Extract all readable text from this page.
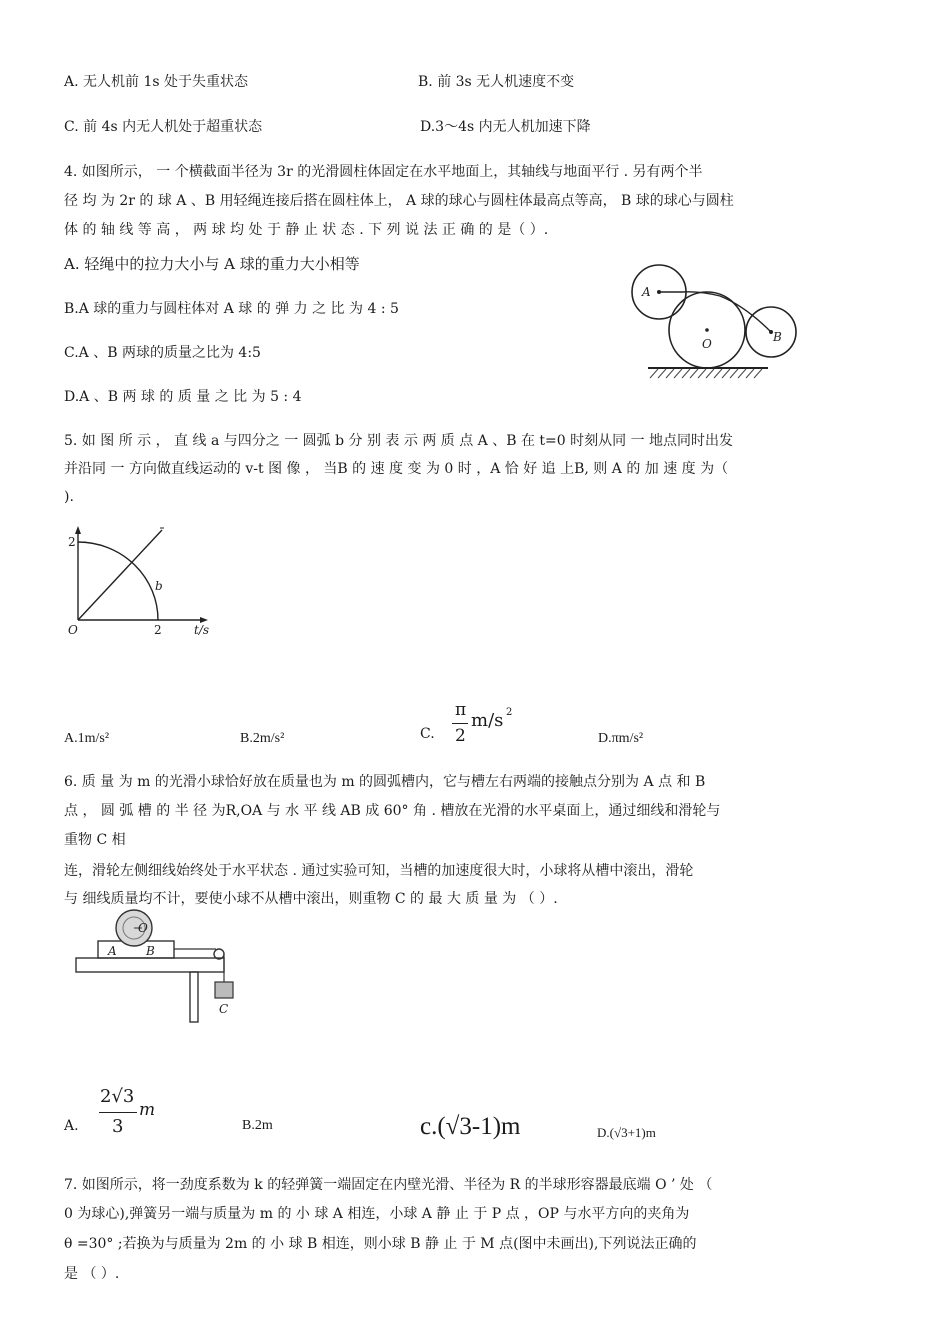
A. 无人机前 1s 处于失重状态	B. 前 3s 无人机速度不变
C. 前 4s 内无人机处于超重状态	D.3～4s 内无人机加速下降
4. 如图所示， 一 个横截面半径为 3r 的光滑圆柱体固定在水平地面上，其轴线与地面平行 . 另有两个半
径 均 为 2r 的 球 A 、B 用轻绳连接后搭在圆柱体上， A 球的球心与圆柱体最高点等高， B 球的球心与圆柱
体 的 轴 线 等 高 ， 两 球 均 处 于 静 止 状 态 . 下 列 说 法 正 确 的 是（ ）.
A. 轻绳中的拉力大小与 A 球的重力大小相等
B.A 球的重力与圆柱体对 A 球 的 弹 力 之 比 为 4 : 5
C.A 、B 两球的质量之比为 4:5
D.A 、B 两 球 的 质 量 之 比 为 5 : 4
A
O	B
5. 如 图 所 示 ， 直 线 a 与四分之 一 圆弧 b 分 别 表 示 两 质 点 A 、B 在 t=0 时刻从同 一 地点同时出发
并沿同 一 方向做直线运动的 v-t 图 像 ， 当B 的 速 度 变 为 0 时 ，A 恰 好 追 上B, 则 A 的 加 速 度 为（
).
2
O	2	t/s
b
A.1m/s²	B.2m/s²	C.
π
2
m/s 2
D.πm/s²
6. 质 量 为 m 的光滑小球恰好放在质量也为 m 的圆弧槽内，它与槽左右两端的接触点分别为 A 点 和 B
点 ， 圆 弧 槽 的 半 径 为R,OA 与 水 平 线 AB 成 60° 角 . 槽放在光滑的水平桌面上，通过细线和滑轮与
重物 C 相
连，滑轮左侧细线始终处于水平状态 . 通过实验可知，当槽的加速度很大时，小球将从槽中滚出，滑轮
与 细线质量均不计，要使小球不从槽中滚出，则重物 C 的 最 大 质 量 为 （ ）.
O
A B
C
A.
2√3
3
m
B.2m	c.(√3-1)m	D.(√3+1)m
7. 如图所示，将一劲度系数为 k 的轻弹簧一端固定在内壁光滑、半径为 R 的半球形容器最底端 O ’ 处 （
0 为球心),弹簧另一端与质量为 m 的 小 球 A 相连，小球 A 静 止 于 P 点 ，OP 与水平方向的夹角为
θ =30° ;若换为与质量为 2m 的 小 球 B 相连，则小球 B 静 止 于 M 点(图中未画出),下列说法正确的
是 （ ）.
